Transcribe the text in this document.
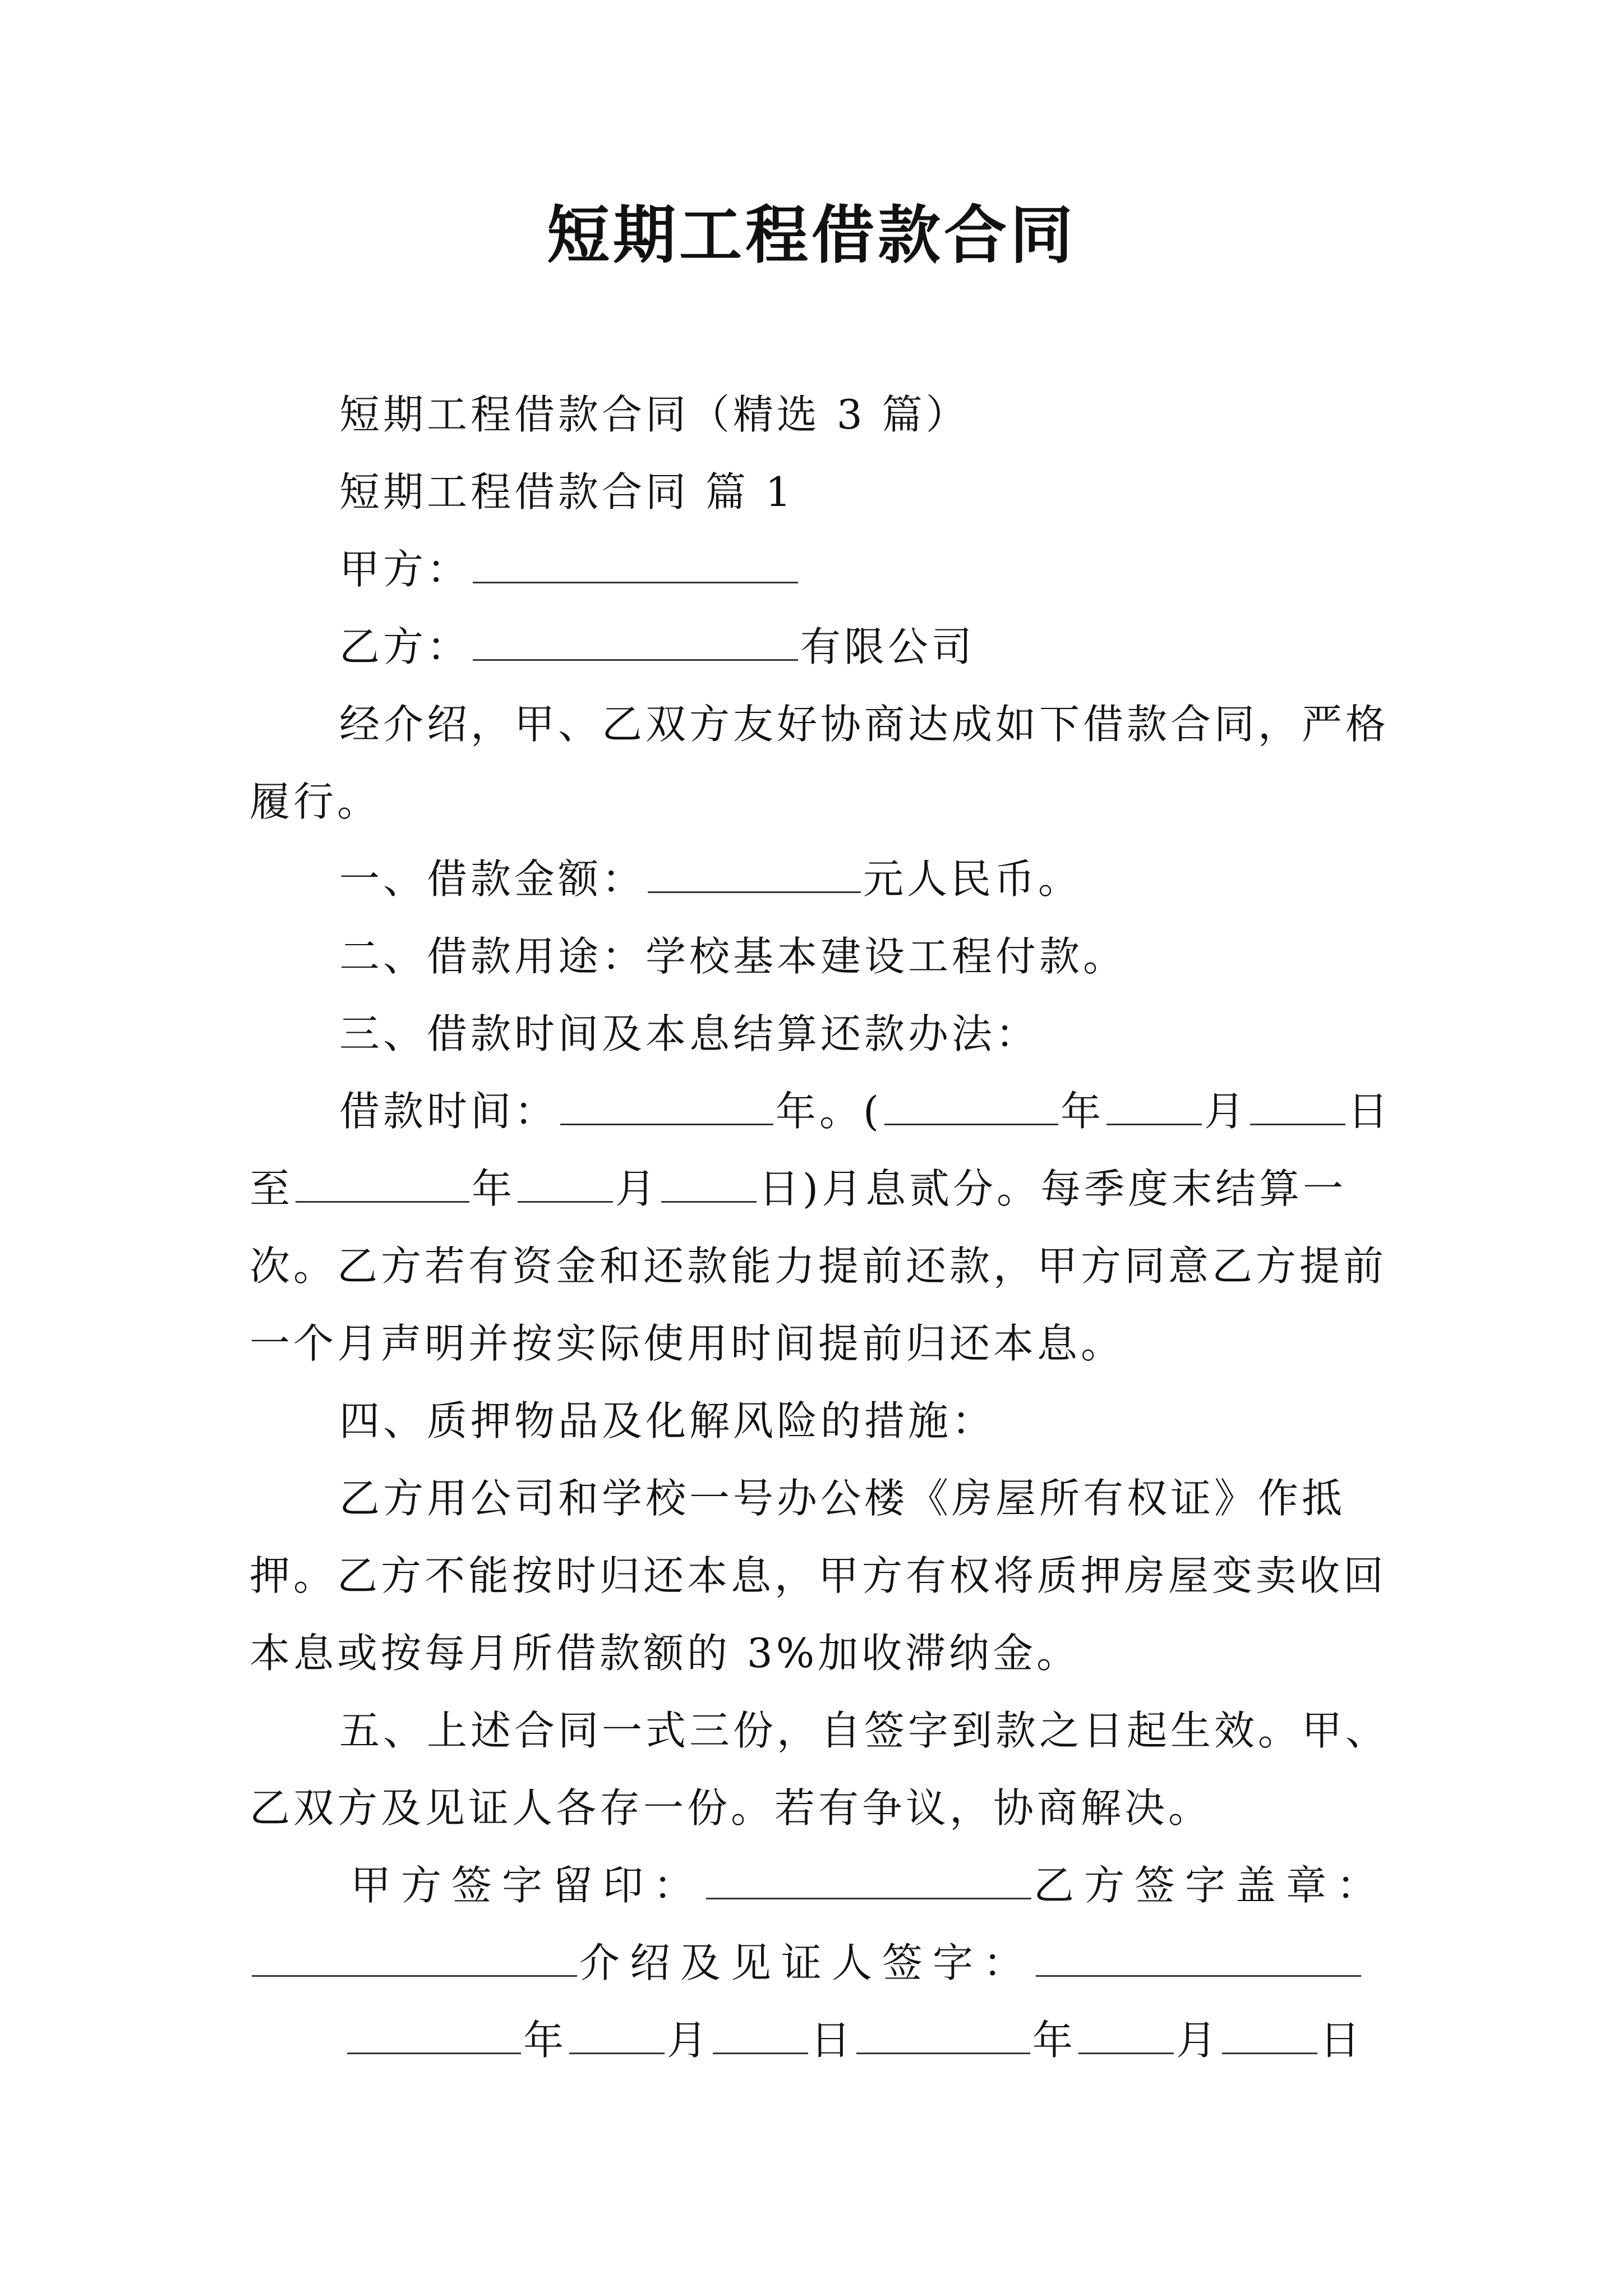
短期工程借款合同

短期工程借款合同（精选 3 篇）

短期工程借款合同 篇 1

甲方：

乙方：	有限公司

经介绍，甲、乙双方友好协商达成如下借款合同，严格履行。

一、借款金额：	元人民币。

二、借款用途：学校基本建设工程付款。

三、借款时间及本息结算还款办法：

借款时间：	年。(	年 月 日至	年 月 日)月息贰分。每季度末结算一次。乙方若有资金和还款能力提前还款，甲方同意乙方提前一个月声明并按实际使用时间提前归还本息。

四、质押物品及化解风险的措施：

乙方用公司和学校一号办公楼《房屋所有权证》作抵押。乙方不能按时归还本息，甲方有权将质押房屋变卖收回本息或按每月所借款额的 3%加收滞纳金。

五、上述合同一式三份，自签字到款之日起生效。甲、乙双方及见证人各存一份。若有争议，协商解决。

甲方签字留印：	乙方签字盖章：介绍及见证人签字：

年 月 日	年 月 日
